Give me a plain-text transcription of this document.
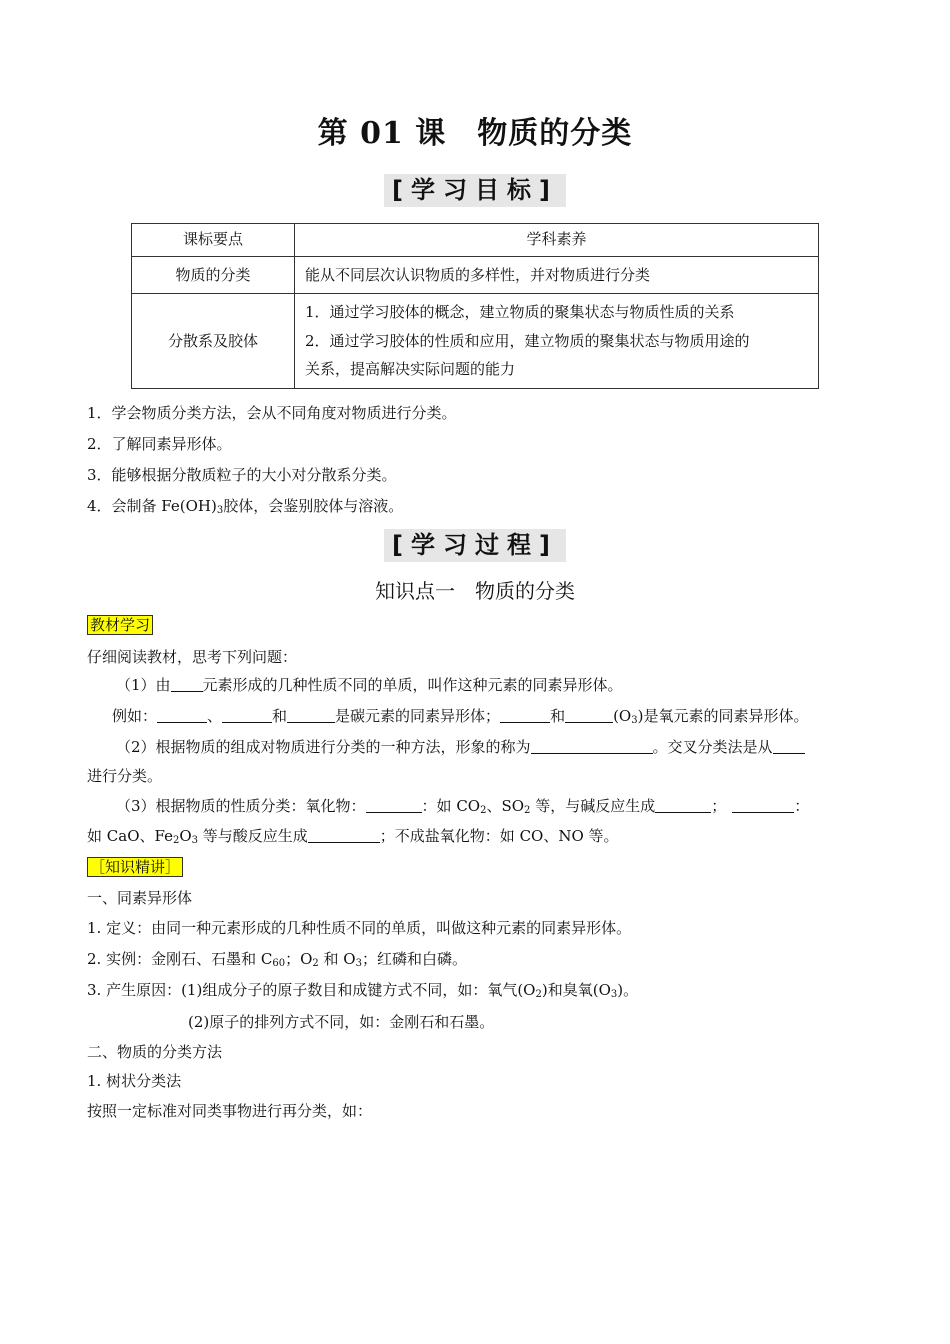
第 01 课　物质的分类
[学习目标]
课标要点	学科素养
物质的分类	能从不同层次认识物质的多样性，并对物质进行分类
分散系及胶体	1．通过学习胶体的概念，建立物质的聚集状态与物质性质的关系
2．通过学习胶体的性质和应用，建立物质的聚集状态与物质用途的
关系，提高解决实际问题的能力
1．学会物质分类方法，会从不同角度对物质进行分类。
2．了解同素异形体。
3．能够根据分散质粒子的大小对分散系分类。
4．会制备 $Fe(OH)_3$胶体，会鉴别胶体与溶液。
[学习过程]
知识点一　物质的分类
教材学习
仔细阅读教材，思考下列问题：
（1）由 元素形成的几种性质不同的单质，叫作这种元素的同素异形体。
例如：	、	和	是碳元素的同素异形体；	和	$(O_3)$是氧元素的同素异形体。
（2）根据物质的组成对物质进行分类的一种方法，形象的称为	。交叉分类法是从
进行分类。
（3）根据物质的性质分类：氧化物：	：如 $CO_2$、$SO_2$ 等，与碱反应生成	；	：
如 CaO、$Fe_2O_3$ 等与酸反应生成	；不成盐氧化物：如 CO、NO 等。
［知识精讲］
一、同素异形体
1. 定义：由同一种元素形成的几种性质不同的单质，叫做这种元素的同素异形体。
2. 实例：金刚石、石墨和 $C_{60}$；$O_2$ 和 $O_3$；红磷和白磷。
3. 产生原因：(1)组成分子的原子数目和成键方式不同，如：氧气$(O_2)$和臭氧$(O_3)$。
(2)原子的排列方式不同，如：金刚石和石墨。
二、物质的分类方法
1. 树状分类法
按照一定标准对同类事物进行再分类，如：
